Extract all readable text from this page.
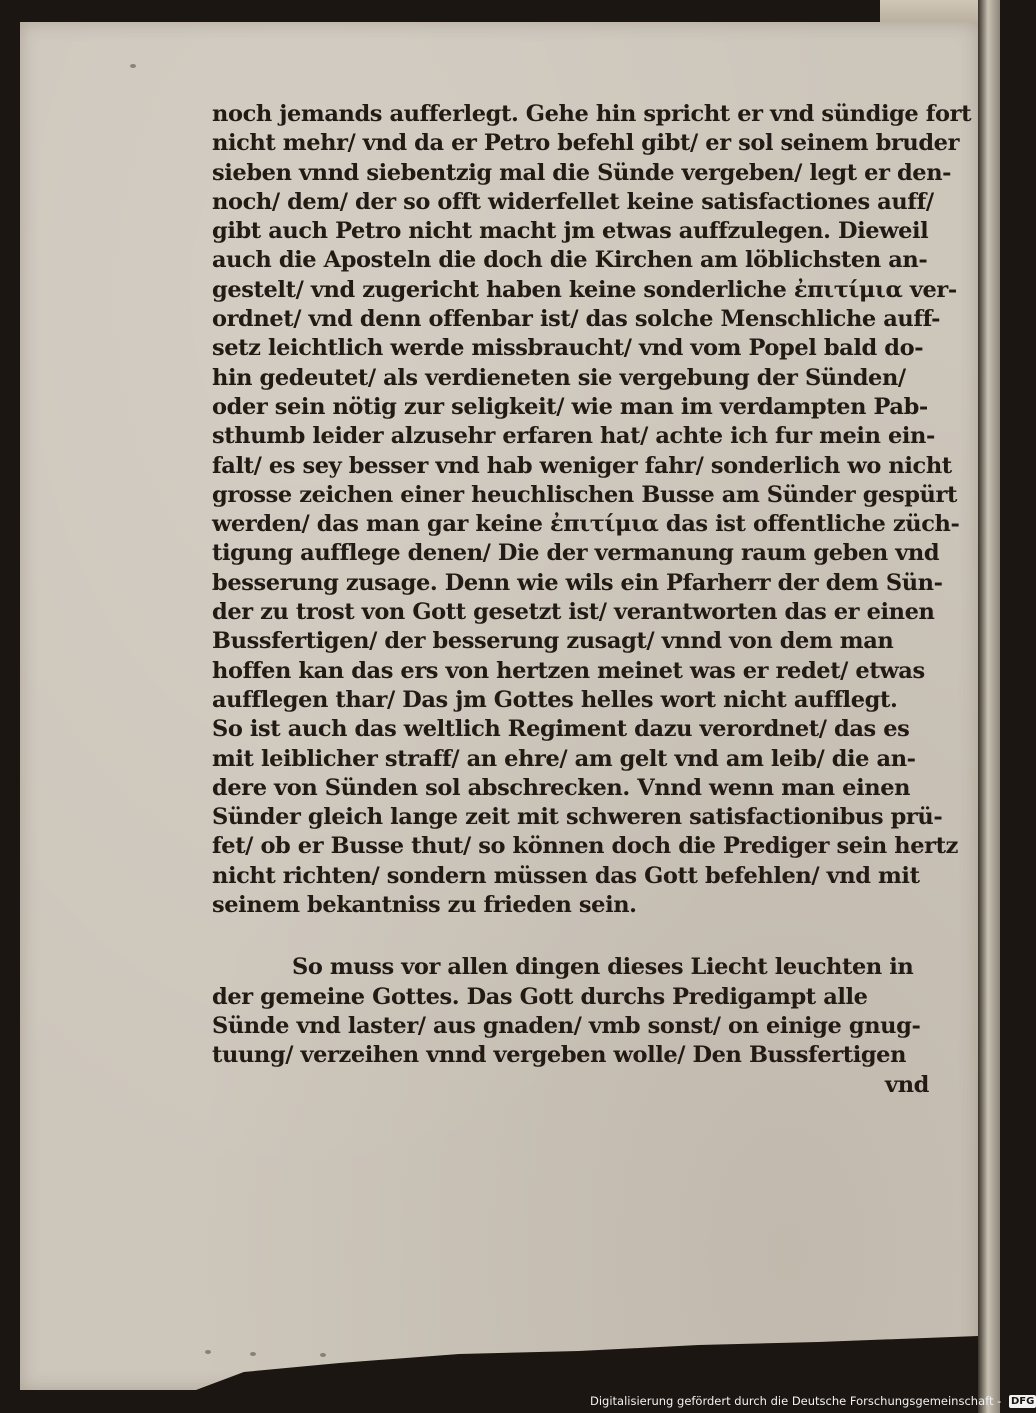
noch jemands aufferlegt. Gehe hin spricht er vnd sündige fort
nicht mehr/ vnd da er Petro befehl gibt/ er sol seinem bruder
sieben vnnd siebentzig mal die Sünde vergeben/ legt er den-
noch/ dem/ der so offt widerfellet keine satisfactiones auff/
gibt auch Petro nicht macht jm etwas auffzulegen. Dieweil
auch die Aposteln die doch die Kirchen am löblichsten an-
gestelt/ vnd zugericht haben keine sonderliche ἐπιτίμια ver-
ordnet/ vnd denn offenbar ist/ das solche Menschliche auff-
setz leichtlich werde missbraucht/ vnd vom Popel bald do-
hin gedeutet/ als verdieneten sie vergebung der Sünden/
oder sein nötig zur seligkeit/ wie man im verdampten Pab-
sthumb leider alzusehr erfaren hat/ achte ich fur mein ein-
falt/ es sey besser vnd hab weniger fahr/ sonderlich wo nicht
grosse zeichen einer heuchlischen Busse am Sünder gespürt
werden/ das man gar keine ἐπιτίμια das ist offentliche züch-
tigung aufflege denen/ Die der vermanung raum geben vnd
besserung zusage. Denn wie wils ein Pfarherr der dem Sün-
der zu trost von Gott gesetzt ist/ verantworten das er einen
Bussfertigen/ der besserung zusagt/ vnnd von dem man
hoffen kan das ers von hertzen meinet was er redet/ etwas
aufflegen thar/ Das jm Gottes helles wort nicht aufflegt.
So ist auch das weltlich Regiment dazu verordnet/ das es
mit leiblicher straff/ an ehre/ am gelt vnd am leib/ die an-
dere von Sünden sol abschrecken. Vnnd wenn man einen
Sünder gleich lange zeit mit schweren satisfactionibus prü-
fet/ ob er Busse thut/ so können doch die Prediger sein hertz
nicht richten/ sondern müssen das Gott befehlen/ vnd mit
seinem bekantniss zu frieden sein.
So muss vor allen dingen dieses Liecht leuchten in
der gemeine Gottes. Das Gott durchs Predigampt alle
Sünde vnd laster/ aus gnaden/ vmb sonst/ on einige gnug-
tuung/ verzeihen vnnd vergeben wolle/ Den Bussfertigen
vnd
Digitalisierung gefördert durch die Deutsche Forschungsgemeinschaft - DFG
